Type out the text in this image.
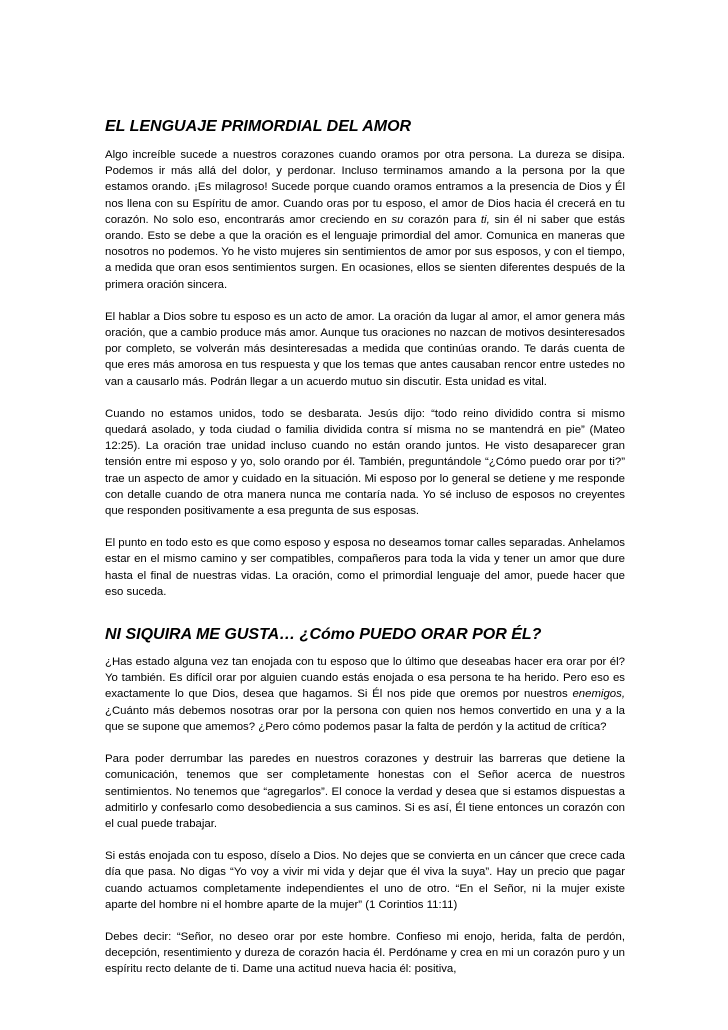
EL LENGUAJE PRIMORDIAL DEL AMOR

Algo increíble sucede a nuestros corazones cuando oramos por otra persona. La dureza se disipa. Podemos ir más allá del dolor, y perdonar. Incluso terminamos amando a la persona por la que estamos orando. ¡Es milagroso! Sucede porque cuando oramos entramos a la presencia de Dios y Él nos llena con su Espíritu de amor. Cuando oras por tu esposo, el amor de Dios hacia él crecerá en tu corazón. No solo eso, encontrarás amor creciendo en su corazón para ti, sin él ni saber que estás orando. Esto se debe a que la oración es el lenguaje primordial del amor. Comunica en maneras que nosotros no podemos. Yo he visto mujeres sin sentimientos de amor por sus esposos, y con el tiempo, a medida que oran esos sentimientos surgen. En ocasiones, ellos se sienten diferentes después de la primera oración sincera.

El hablar a Dios sobre tu esposo es un acto de amor. La oración da lugar al amor, el amor genera más oración, que a cambio produce más amor. Aunque tus oraciones no nazcan de motivos desinteresados por completo, se volverán más desinteresadas a medida que continúas orando. Te darás cuenta de que eres más amorosa en tus respuesta y que los temas que antes causaban rencor entre ustedes no van a causarlo más. Podrán llegar a un acuerdo mutuo sin discutir. Esta unidad es vital.

Cuando no estamos unidos, todo se desbarata. Jesús dijo: “todo reino dividido contra si mismo quedará asolado, y toda ciudad o familia dividida contra sí misma no se mantendrá en pie” (Mateo 12:25). La oración trae unidad incluso cuando no están orando juntos. He visto desaparecer gran tensión entre mi esposo y yo, solo orando por él. También, preguntándole “¿Cómo puedo orar por ti?” trae un aspecto de amor y cuidado en la situación. Mi esposo por lo general se detiene y me responde con detalle cuando de otra manera nunca me contaría nada. Yo sé incluso de esposos no creyentes que responden positivamente a esa pregunta de sus esposas.

El punto en todo esto es que como esposo y esposa no deseamos tomar calles separadas. Anhelamos estar en el mismo camino y ser compatibles, compañeros para toda la vida y tener un amor que dure hasta el final de nuestras vidas. La oración, como el primordial lenguaje del amor, puede hacer que eso suceda.

NI SIQUIRA ME GUSTA… ¿Cómo PUEDO ORAR POR ÉL?

¿Has estado alguna vez tan enojada con tu esposo que lo último que deseabas hacer era orar por él? Yo también. Es difícil orar por alguien cuando estás enojada o esa persona te ha herido. Pero eso es exactamente lo que Dios, desea que hagamos. Si Él nos pide que oremos por nuestros enemigos, ¿Cuánto más debemos nosotras orar por la persona con quien nos hemos convertido en una y a la que se supone que amemos? ¿Pero cómo podemos pasar la falta de perdón y la actitud de crítica?

Para poder derrumbar las paredes en nuestros corazones y destruir las barreras que detiene la comunicación, tenemos que ser completamente honestas con el Señor acerca de nuestros sentimientos. No tenemos que “agregarlos”. El conoce la verdad y desea que si estamos dispuestas a admitirlo y confesarlo como desobediencia a sus caminos. Si es así, Él tiene entonces un corazón con el cual puede trabajar.

Si estás enojada con tu esposo, díselo a Dios. No dejes que se convierta en un cáncer que crece cada día que pasa. No digas “Yo voy a vivir mi vida y dejar que él viva la suya”. Hay un precio que pagar cuando actuamos completamente independientes el uno de otro. “En el Señor, ni la mujer existe aparte del hombre ni el hombre aparte de la mujer” (1 Corintios 11:11)

Debes decir: “Señor, no deseo orar por este hombre. Confieso mi enojo, herida, falta de perdón, decepción, resentimiento y dureza de corazón hacia él. Perdóname y crea en mi un corazón puro y un espíritu recto delante de ti. Dame una actitud nueva hacia él: positiva,
